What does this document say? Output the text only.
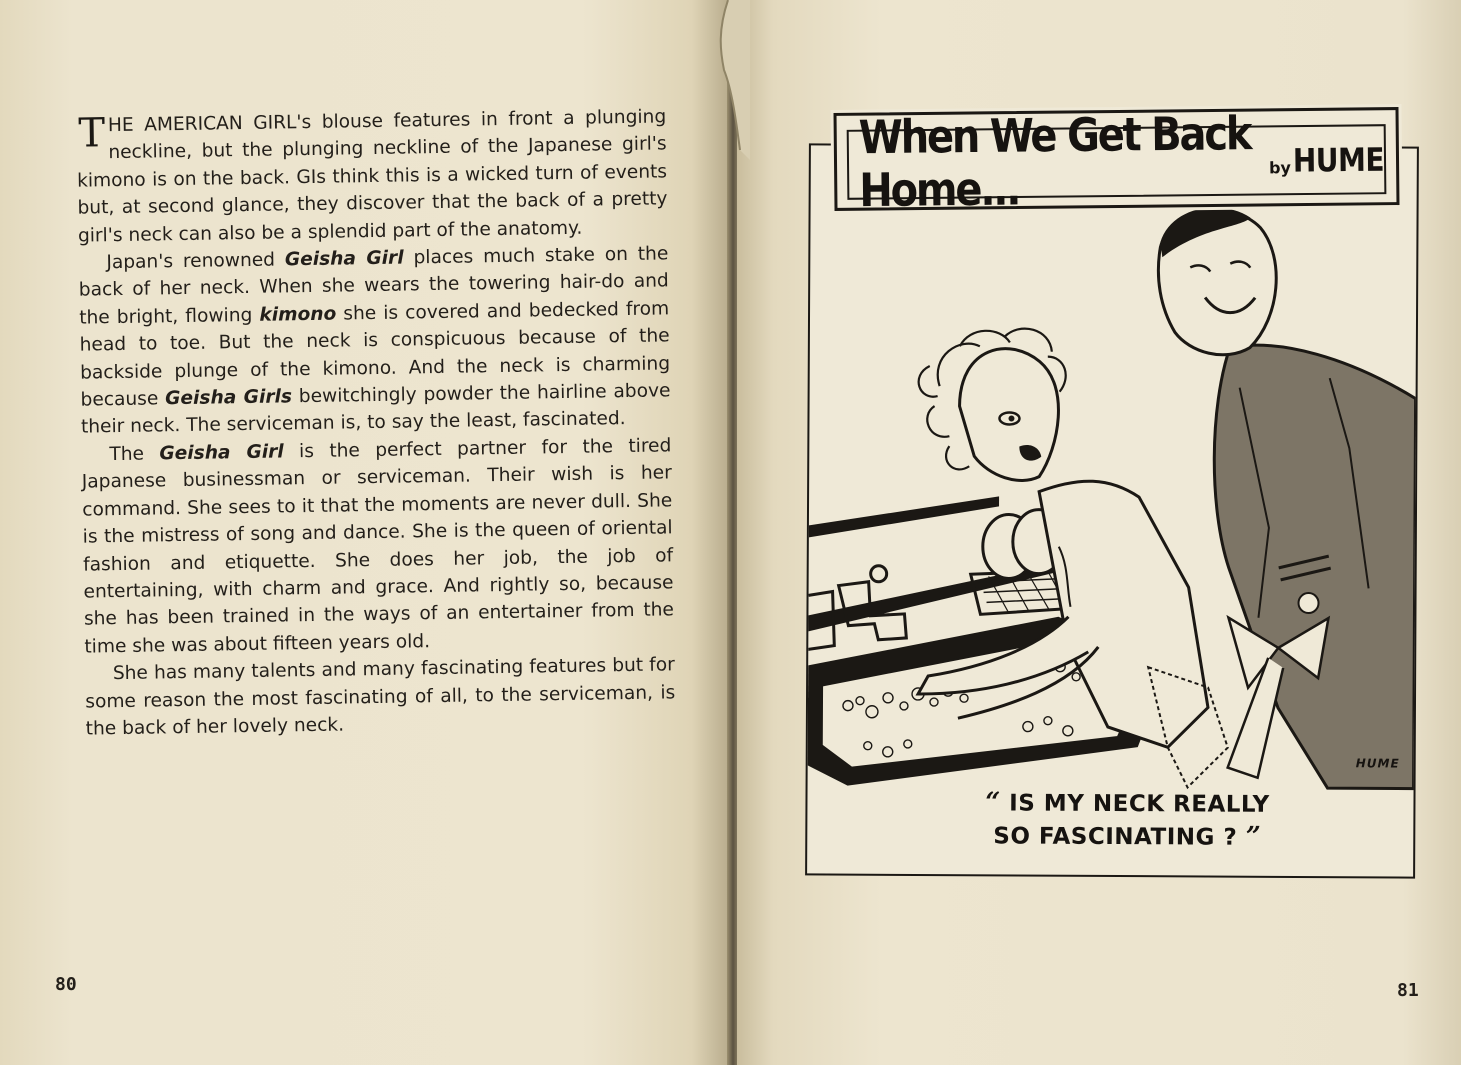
THE AMERICAN GIRL's blouse features in front a plunging neckline, but the plunging neckline of the Japanese girl's kimono is on the back. GIs think this is a wicked turn of events but, at second glance, they discover that the back of a pretty girl's neck can also be a splendid part of the anatomy.

Japan's renowned Geisha Girl places much stake on the back of her neck. When she wears the towering hair-do and the bright, flowing kimono she is covered and bedecked from head to toe. But the neck is conspicuous because of the backside plunge of the kimono. And the neck is charming because Geisha Girls bewitchingly powder the hairline above their neck. The serviceman is, to say the least, fascinated.

The Geisha Girl is the perfect partner for the tired Japanese businessman or serviceman. Their wish is her command. She sees to it that the moments are never dull. She is the mistress of song and dance. She is the queen of oriental fashion and etiquette. She does her job, the job of entertaining, with charm and grace. And rightly so, because she has been trained in the ways of an entertainer from the time she was about fifteen years old.

She has many talents and many fascinating features but for some reason the most fascinating of all, to the serviceman, is the back of her lovely neck.

80
HUME
“ IS MY NECK REALLY
SO FASCINATING ? ”
When We Get Back Home...	by HUME
81
